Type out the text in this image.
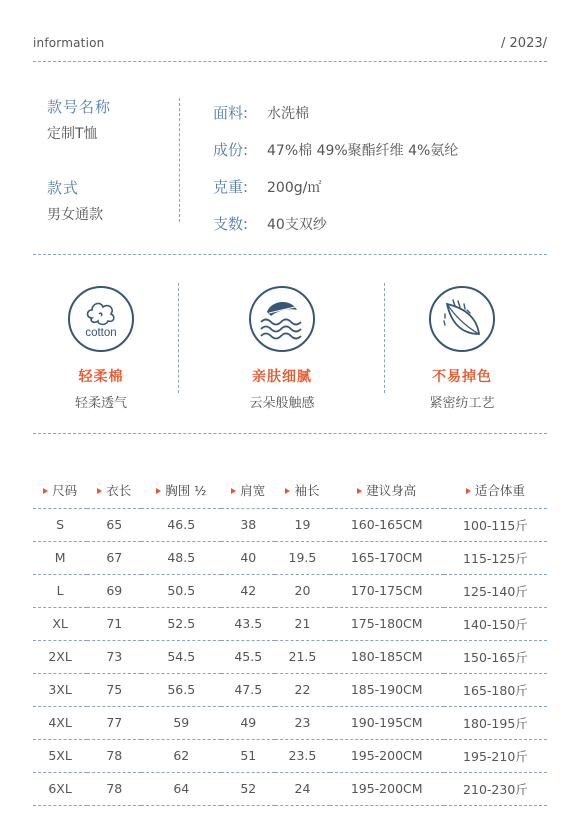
information	/ 2023/
款号名称
定制T恤
款式
男女通款
面料:	水洗棉
成份:	47%棉 49%聚酯纤维 4%氨纶
克重:	200g/㎡
支数:	40支双纱
cotton
轻柔棉
轻柔透气
亲肤细腻
云朵般触感
不易掉色
紧密纺工艺
尺码	衣长	胸围 ½	肩宽	袖长	建议身高	适合体重
S	65	46.5	38	19	160-165CM	100-115斤
M	67	48.5	40	19.5	165-170CM	115-125斤
L	69	50.5	42	20	170-175CM	125-140斤
XL	71	52.5	43.5	21	175-180CM	140-150斤
2XL	73	54.5	45.5	21.5	180-185CM	150-165斤
3XL	75	56.5	47.5	22	185-190CM	165-180斤
4XL	77	59	49	23	190-195CM	180-195斤
5XL	78	62	51	23.5	195-200CM	195-210斤
6XL	78	64	52	24	195-200CM	210-230斤
